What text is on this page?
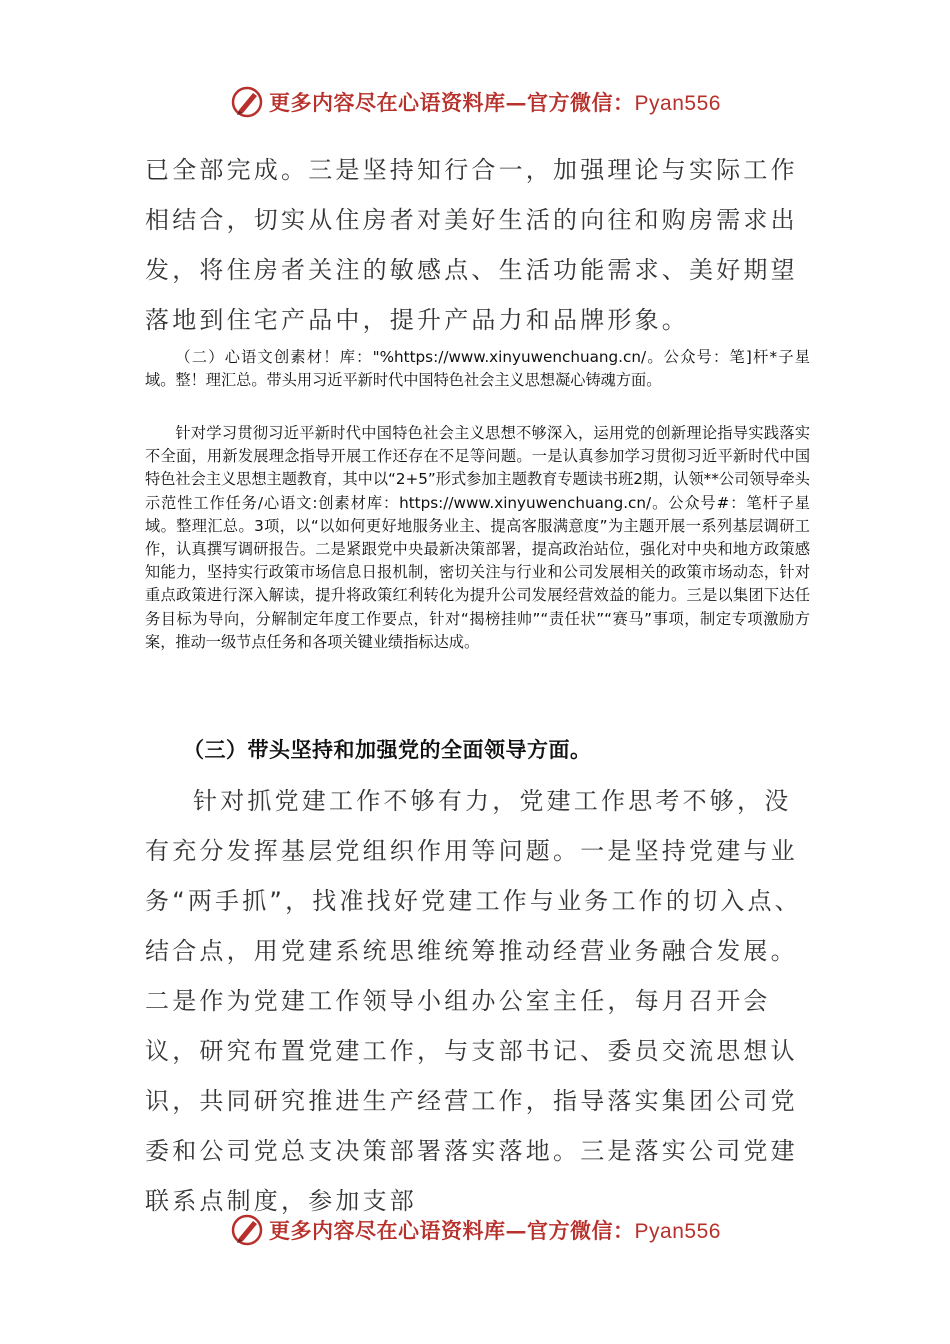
更多内容尽在心语资料库—官方微信：Pyan556

已全部完成。三是坚持知行合一，加强理论与实际工作相结合，切实从住房者对美好生活的向往和购房需求出发，将住房者关注的敏感点、生活功能需求、美好期望落地到住宅产品中，提升产品力和品牌形象。

（二）心语文创素材！库："%https://www.xinyuwenchuang.cn/。公众号：笔]杆*子星域。整！理汇总。带头用习近平新时代中国特色社会主义思想凝心铸魂方面。

针对学习贯彻习近平新时代中国特色社会主义思想不够深入，运用党的创新理论指导实践落实不全面，用新发展理念指导开展工作还存在不足等问题。一是认真参加学习贯彻习近平新时代中国特色社会主义思想主题教育，其中以“2+5”形式参加主题教育专题读书班2期，认领**公司领导牵头示范性工作任务/心语文:创素材库：https://www.xinyuwenchuang.cn/。公众号#：笔杆子星域。整理汇总。3项，以“以如何更好地服务业主、提高客服满意度”为主题开展一系列基层调研工作，认真撰写调研报告。二是紧跟党中央最新决策部署，提高政治站位，强化对中央和地方政策感知能力，坚持实行政策市场信息日报机制，密切关注与行业和公司发展相关的政策市场动态，针对重点政策进行深入解读，提升将政策红利转化为提升公司发展经营效益的能力。三是以集团下达任务目标为导向，分解制定年度工作要点，针对“揭榜挂帅”“责任状”“赛马”事项，制定专项激励方案，推动一级节点任务和各项关键业绩指标达成。

（三）带头坚持和加强党的全面领导方面。

针对抓党建工作不够有力，党建工作思考不够，没有充分发挥基层党组织作用等问题。一是坚持党建与业务“两手抓”，找准找好党建工作与业务工作的切入点、结合点，用党建系统思维统筹推动经营业务融合发展。二是作为党建工作领导小组办公室主任，每月召开会议，研究布置党建工作，与支部书记、委员交流思想认识，共同研究推进生产经营工作，指导落实集团公司党委和公司党总支决策部署落实落地。三是落实公司党建联系点制度，参加支部

更多内容尽在心语资料库—官方微信：Pyan556
